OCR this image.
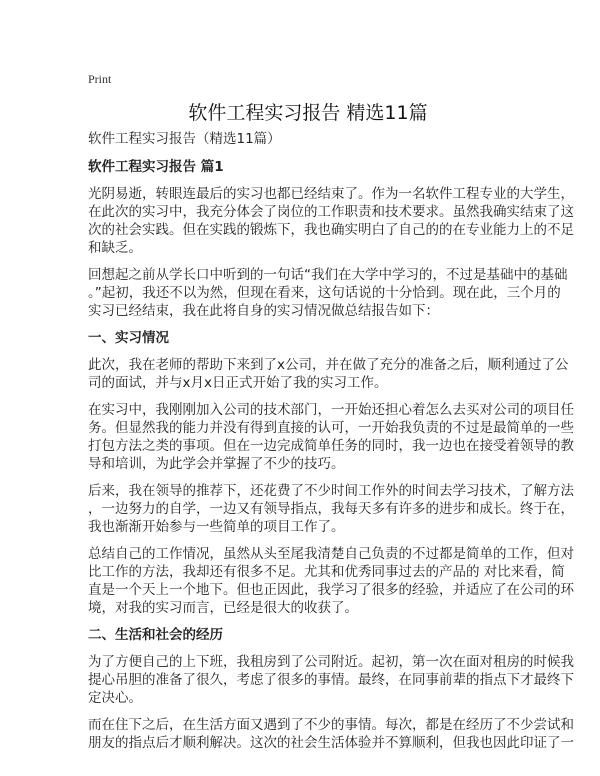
Print
软件工程实习报告 精选11篇
软件工程实习报告（精选11篇）
软件工程实习报告 篇1
光阴易逝，转眼连最后的实习也都已经结束了。作为一名软件工程专业的大学生，
在此次的实习中，我充分体会了岗位的工作职责和技术要求。虽然我确实结束了这
次的社会实践。但在实践的锻炼下，我也确实明白了自己的的在专业能力上的不足
和缺乏。
回想起之前从学长口中听到的一句话“我们在大学中学习的，不过是基础中的基础
。”起初，我还不以为然，但现在看来，这句话说的十分恰到。现在此，三个月的
实习已经结束，我在此将自身的实习情况做总结报告如下：
一、实习情况
此次，我在老师的帮助下来到了x公司，并在做了充分的准备之后，顺利通过了公
司的面试，并与x月x日正式开始了我的实习工作。
在实习中，我刚刚加入公司的技术部门，一开始还担心着怎么去买对公司的项目任
务。但显然我的能力并没有得到直接的认可，一开始我负责的不过是最简单的一些
打包方法之类的事项。但在一边完成简单任务的同时，我一边也在接受着领导的教
导和培训，为此学会并掌握了不少的技巧。
后来，我在领导的推荐下，还花费了不少时间工作外的时间去学习技术，了解方法
，一边努力的自学，一边又有领导指点，我每天多有许多的进步和成长。终于在，
我也渐渐开始参与一些简单的项目工作了。
总结自己的工作情况，虽然从头至尾我清楚自己负责的不过都是简单的工作，但对
比工作的方法，我却还有很多不足。尤其和优秀同事过去的产品的 对比来看，简
直是一个天上一个地下。但也正因此，我学习了很多的经验，并适应了在公司的环
境，对我的实习而言，已经是很大的收获了。
二、生活和社会的经历
为了方便自己的上下班，我租房到了公司附近。起初，第一次在面对租房的时候我
提心吊胆的准备了很久，考虑了很多的事情。最终，在同事前辈的指点下才最终下
定决心。
而在住下之后，在生活方面又遇到了不少的事情。每次，都是在经历了不少尝试和
朋友的指点后才顺利解决。这次的社会生活体验并不算顺利，但我也因此印证了一
